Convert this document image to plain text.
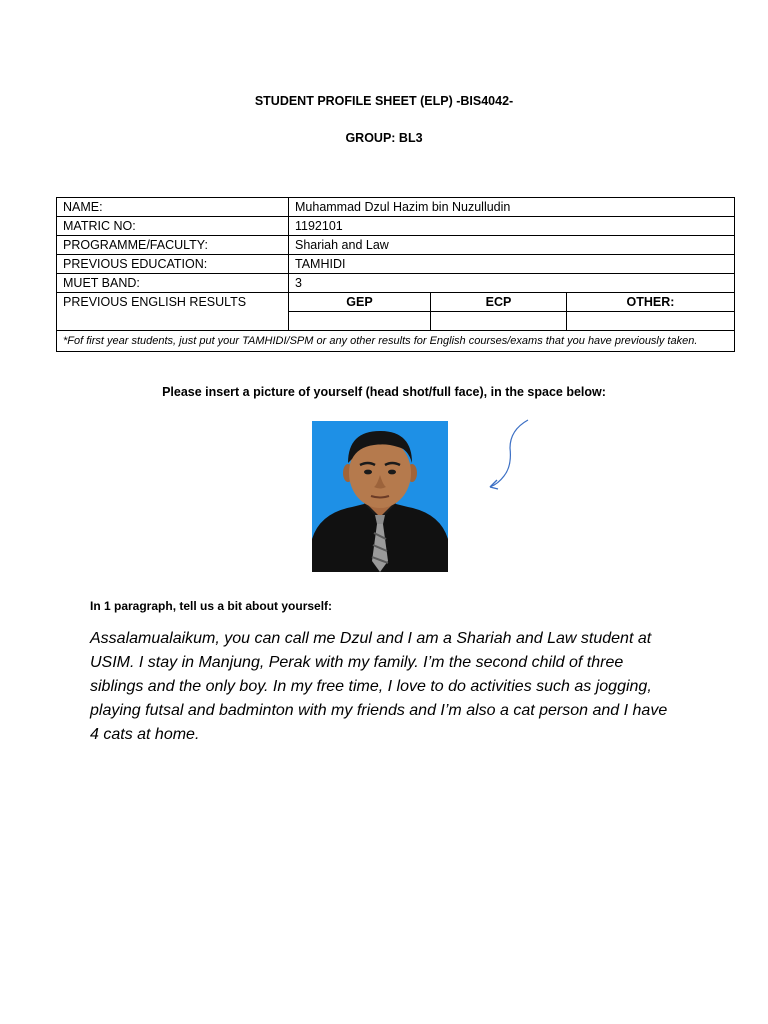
STUDENT PROFILE SHEET (ELP) -BIS4042-
GROUP: BL3
NAME:	Muhammad Dzul Hazim bin Nuzulludin		
MATRIC NO:	1192101		
PROGRAMME/FACULTY:	Shariah and Law		
PREVIOUS EDUCATION:	TAMHIDI		
MUET BAND:	3		
PREVIOUS ENGLISH RESULTS	GEP	ECP	OTHER:

*Fof first year students, just put your TAMHIDI/SPM or any other results for English courses/exams that you have previously taken.			
Please insert a picture of yourself (head shot/full face), in the space below:
In 1 paragraph, tell us a bit about yourself:
Assalamualaikum, you can call me Dzul and I am a Shariah and Law student at
USIM. I stay in Manjung, Perak with my family. I’m the second child of three
siblings and the only boy. In my free time, I love to do activities such as jogging,
playing futsal and badminton with my friends and I’m also a cat person and I have
4 cats at home.
